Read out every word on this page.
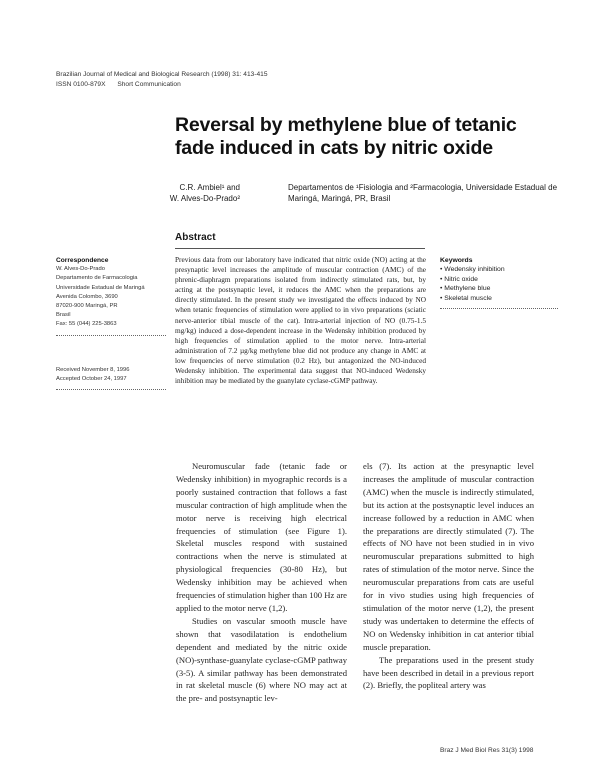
Brazilian Journal of Medical and Biological Research (1998) 31: 413-415
ISSN 0100-879X Short Communication
Reversal by methylene blue of tetanic fade induced in cats by nitric oxide
C.R. Ambiel¹ and
W. Alves-Do-Prado²
Departamentos de ¹Fisiologia and ²Farmacologia, Universidade Estadual de Maringá, Maringá, PR, Brasil
Abstract
Correspondence
W. Alves-Do-Prado
Departamento de Farmacologia
Universidade Estadual de Maringá
Avenida Colombo, 3690
87020-900 Maringá, PR
Brasil
Fax: 55 (044) 225-3863
Received November 8, 1996
Accepted October 24, 1997
Previous data from our laboratory have indicated that nitric oxide (NO) acting at the presynaptic level increases the amplitude of muscular contraction (AMC) of the phrenic-diaphragm preparations isolated from indirectly stimulated rats, but, by acting at the postsynaptic level, it reduces the AMC when the preparations are directly stimulated. In the present study we investigated the effects induced by NO when tetanic frequencies of stimulation were applied to in vivo preparations (sciatic nerve-anterior tibial muscle of the cat). Intra-arterial injection of NO (0.75-1.5 mg/kg) induced a dose-dependent increase in the Wedensky inhibition produced by high frequencies of stimulation applied to the motor nerve. Intra-arterial administration of 7.2 µg/kg methylene blue did not produce any change in AMC at low frequencies of nerve stimulation (0.2 Hz), but antagonized the NO-induced Wedensky inhibition. The experimental data suggest that NO-induced Wedensky inhibition may be mediated by the guanylate cyclase-cGMP pathway.
Keywords
• Wedensky inhibition
• Nitric oxide
• Methylene blue
• Skeletal muscle

Neuromuscular fade (tetanic fade or Wedensky inhibition) in myographic records is a poorly sustained contraction that follows a fast muscular contraction of high amplitude when the motor nerve is receiving high electrical frequencies of stimulation (see Figure 1). Skeletal muscles respond with sustained contractions when the nerve is stimulated at physiological frequencies (30-80 Hz), but Wedensky inhibition may be achieved when frequencies of stimulation higher than 100 Hz are applied to the motor nerve (1,2).

Studies on vascular smooth muscle have shown that vasodilatation is endothelium dependent and mediated by the nitric oxide (NO)-synthase-guanylate cyclase-cGMP pathway (3-5). A similar pathway has been demonstrated in rat skeletal muscle (6) where NO may act at the pre- and postsynaptic lev-

els (7). Its action at the presynaptic level increases the amplitude of muscular contraction (AMC) when the muscle is indirectly stimulated, but its action at the postsynaptic level induces an increase followed by a reduction in AMC when the preparations are directly stimulated (7). The effects of NO have not been studied in in vivo neuromuscular preparations submitted to high rates of stimulation of the motor nerve. Since the neuromuscular preparations from cats are useful for in vivo studies using high frequencies of stimulation of the motor nerve (1,2), the present study was undertaken to determine the effects of NO on Wedensky inhibition in cat anterior tibial muscle preparation.

The preparations used in the present study have been described in detail in a previous report (2). Briefly, the popliteal artery was

Braz J Med Biol Res 31(3) 1998
